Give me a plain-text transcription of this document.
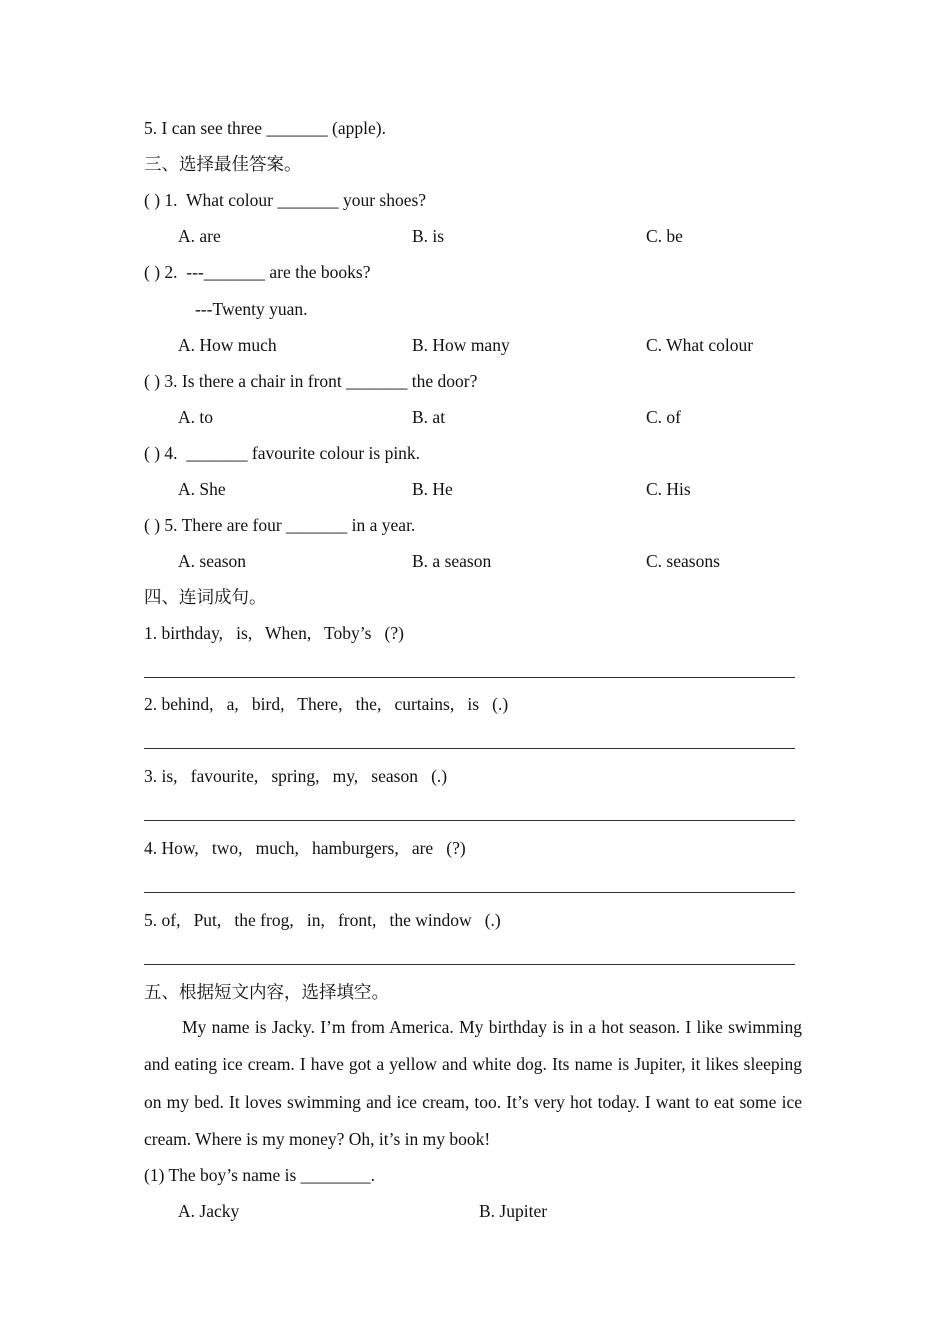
5. I can see three _______ (apple).
三、选择最佳答案。
( ) 1.  What colour _______ your shoes?
A. are	B. is	C. be
( ) 2.  ---_______ are the books?
---Twenty yuan.
A. How much	B. How many	C. What colour
( ) 3. Is there a chair in front _______ the door?
A. to	B. at	C. of
( ) 4.  _______ favourite colour is pink.
A. She	B. He	C. His
( ) 5. There are four _______ in a year.
A. season	B. a season	C. seasons
四、连词成句。
1. birthday,   is,   When,   Toby’s   (?)
2. behind,   a,   bird,   There,   the,   curtains,   is   (.)
3. is,   favourite,   spring,   my,   season   (.)
4. How,   two,   much,   hamburgers,   are   (?)
5. of,   Put,   the frog,   in,   front,   the window   (.)
五、根据短文内容，选择填空。
My name is Jacky. I’m from America. My birthday is in a hot season. I like swimming and eating ice cream. I have got a yellow and white dog. Its name is Jupiter, it likes sleeping on my bed. It loves swimming and ice cream, too. It’s very hot today. I want to eat some ice cream. Where is my money? Oh, it’s in my book!
(1) The boy’s name is ________.
A. Jacky	B. Jupiter
